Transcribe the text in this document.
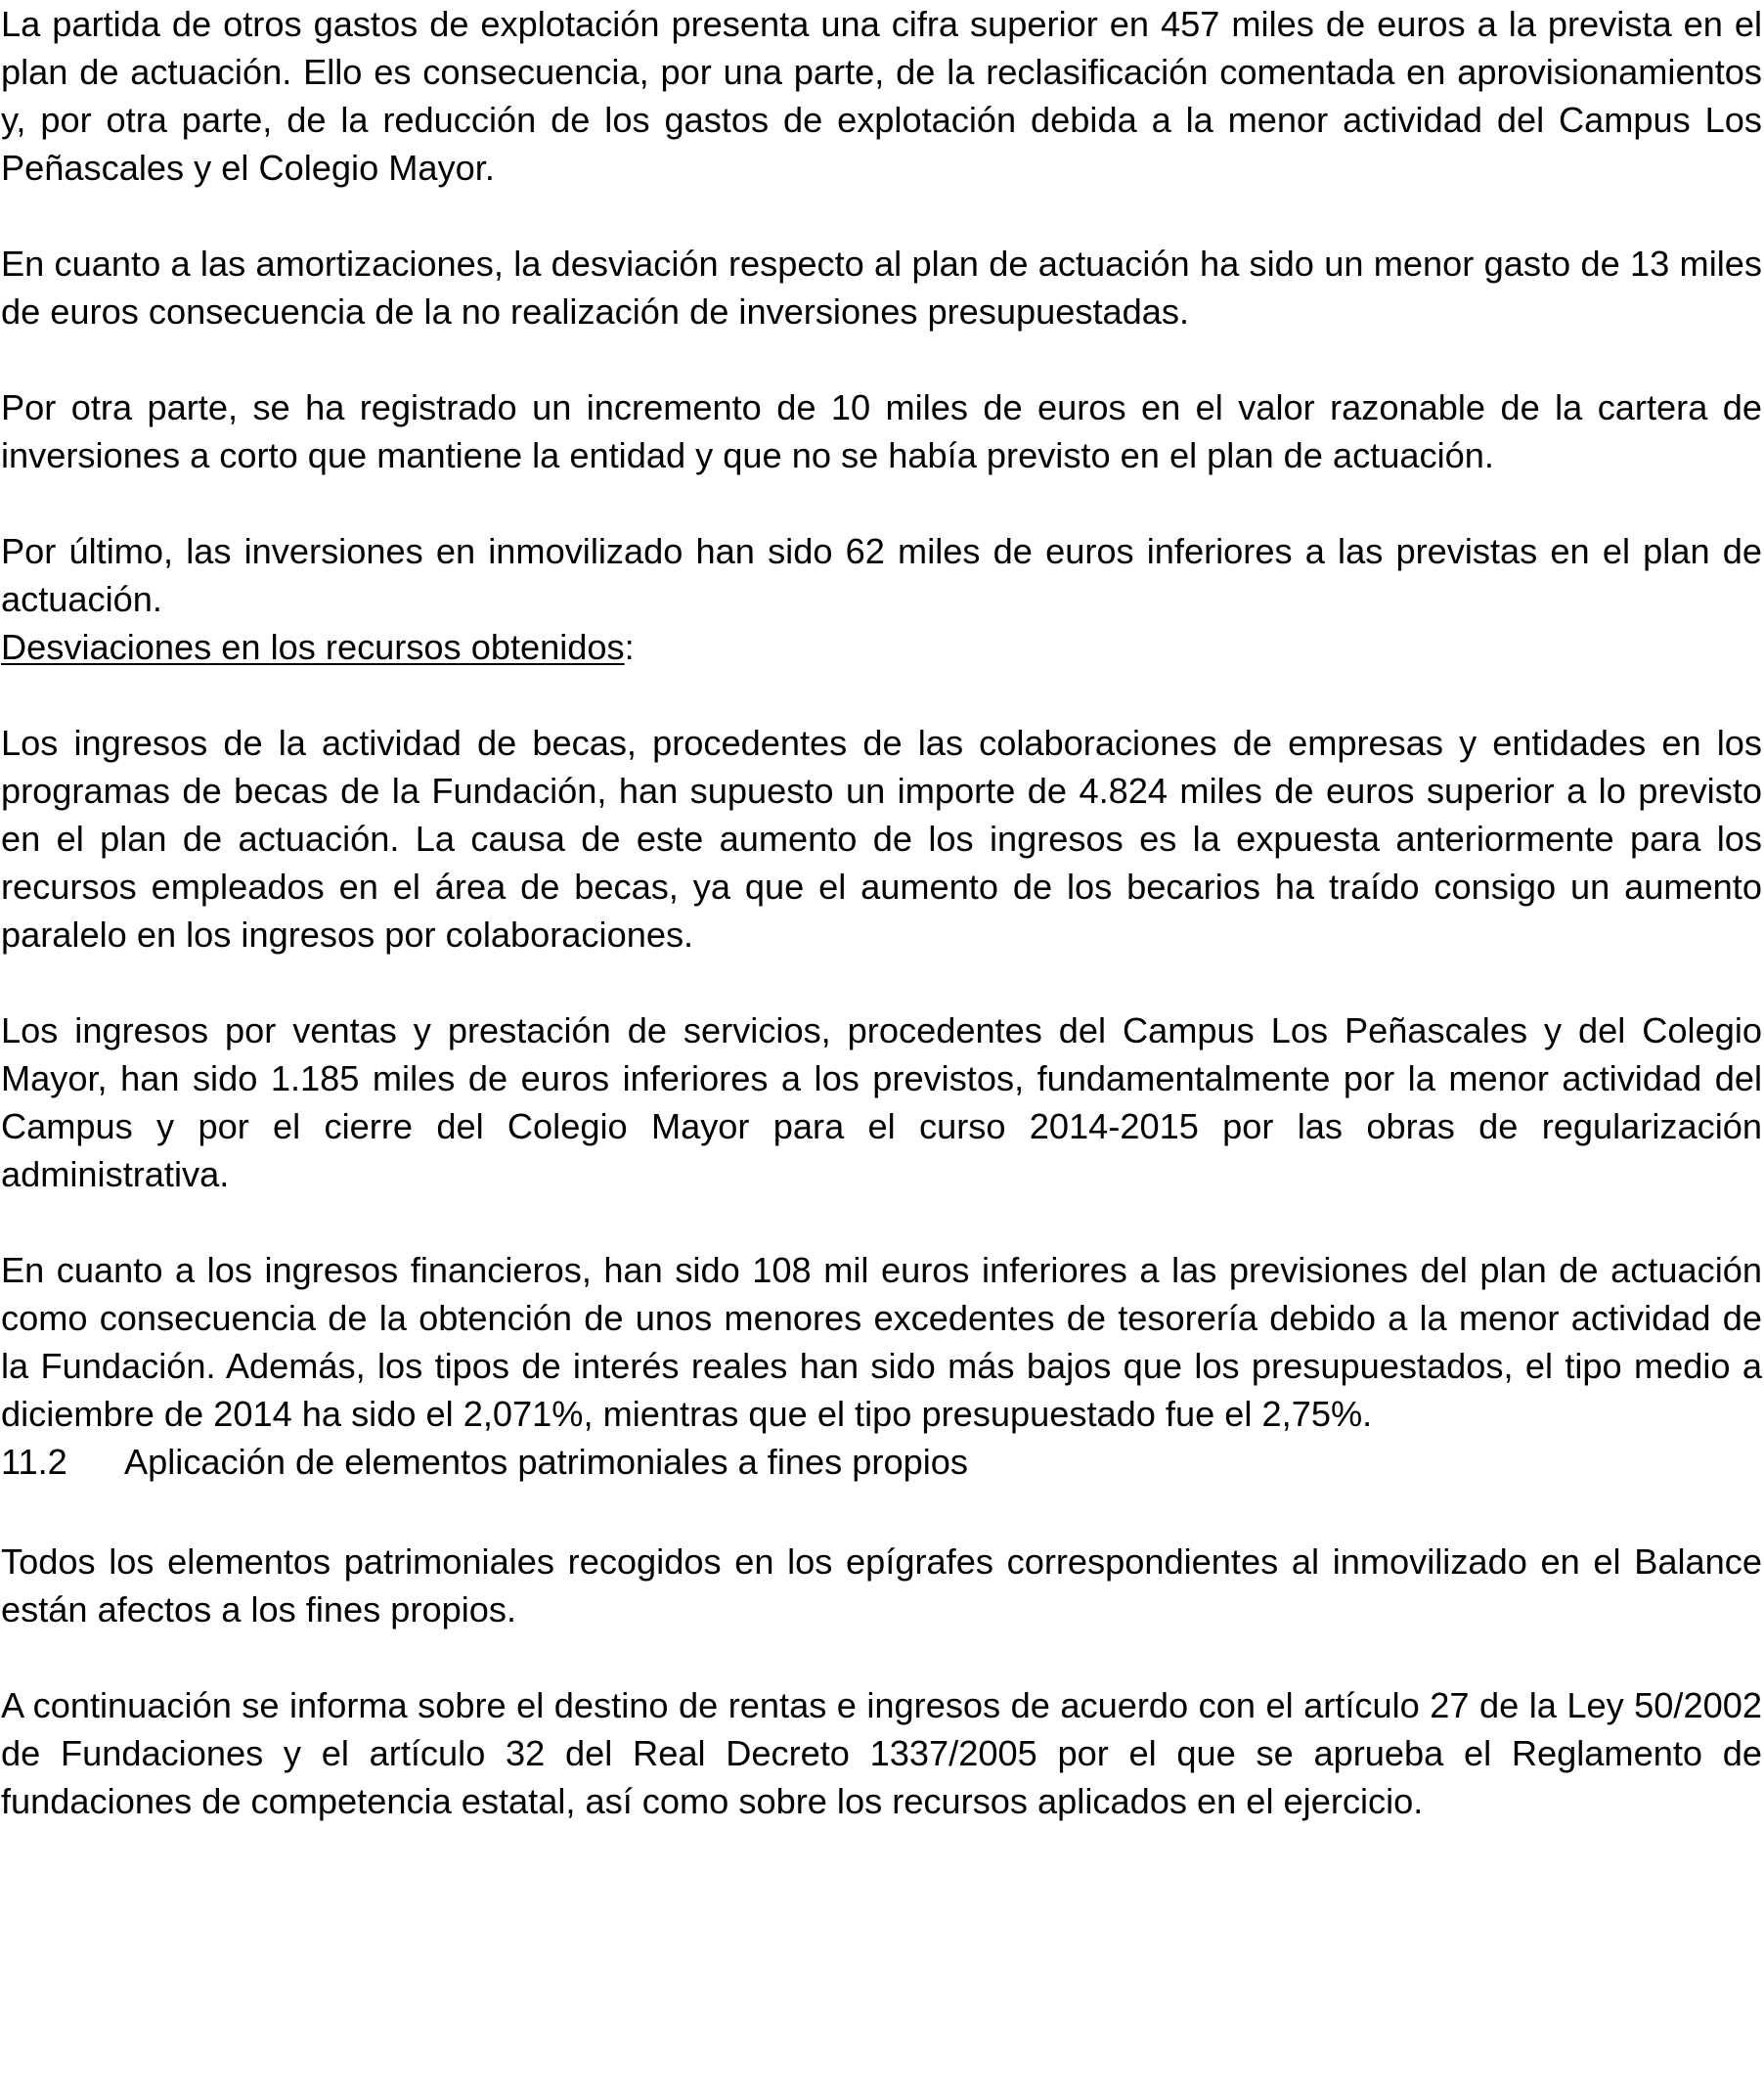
La partida de otros gastos de explotación presenta una cifra superior en 457 miles de euros a la prevista en el plan de actuación. Ello es consecuencia, por una parte, de la reclasificación comentada en aprovisionamientos y, por otra parte, de la reducción de los gastos de explotación debida a la menor actividad del Campus Los Peñascales y el Colegio Mayor.

En cuanto a las amortizaciones, la desviación respecto al plan de actuación ha sido un menor gasto de 13 miles de euros consecuencia de la no realización de inversiones presupuestadas.

Por otra parte, se ha registrado un incremento de 10 miles de euros en el valor razonable de la cartera de inversiones a corto que mantiene la entidad y que no se había previsto en el plan de actuación.

Por último, las inversiones en inmovilizado han sido 62 miles de euros inferiores a las previstas en el plan de actuación.

Desviaciones en los recursos obtenidos:

Los ingresos de la actividad de becas, procedentes de las colaboraciones de empresas y entidades en los programas de becas de la Fundación, han supuesto un importe de 4.824 miles de euros superior a lo previsto en el plan de actuación. La causa de este aumento de los ingresos es la expuesta anteriormente para los recursos empleados en el área de becas, ya que el aumento de los becarios ha traído consigo un aumento paralelo en los ingresos por colaboraciones.

Los ingresos por ventas y prestación de servicios, procedentes del Campus Los Peñascales y del Colegio Mayor, han sido 1.185 miles de euros inferiores a los previstos, fundamentalmente por la menor actividad del Campus y por el cierre del Colegio Mayor para el curso 2014-2015 por las obras de regularización administrativa.

En cuanto a los ingresos financieros, han sido 108 mil euros inferiores a las previsiones del plan de actuación como consecuencia de la obtención de unos menores excedentes de tesorería debido a la menor actividad de la Fundación. Además, los tipos de interés reales han sido más bajos que los presupuestados, el tipo medio a diciembre de 2014 ha sido el 2,071%, mientras que el tipo presupuestado fue el 2,75%.

11.2 Aplicación de elementos patrimoniales a fines propios

Todos los elementos patrimoniales recogidos en los epígrafes correspondientes al inmovilizado en el Balance están afectos a los fines propios.

A continuación se informa sobre el destino de rentas e ingresos de acuerdo con el artículo 27 de la Ley 50/2002 de Fundaciones y el artículo 32 del Real Decreto 1337/2005 por el que se aprueba el Reglamento de fundaciones de competencia estatal, así como sobre los recursos aplicados en el ejercicio.
